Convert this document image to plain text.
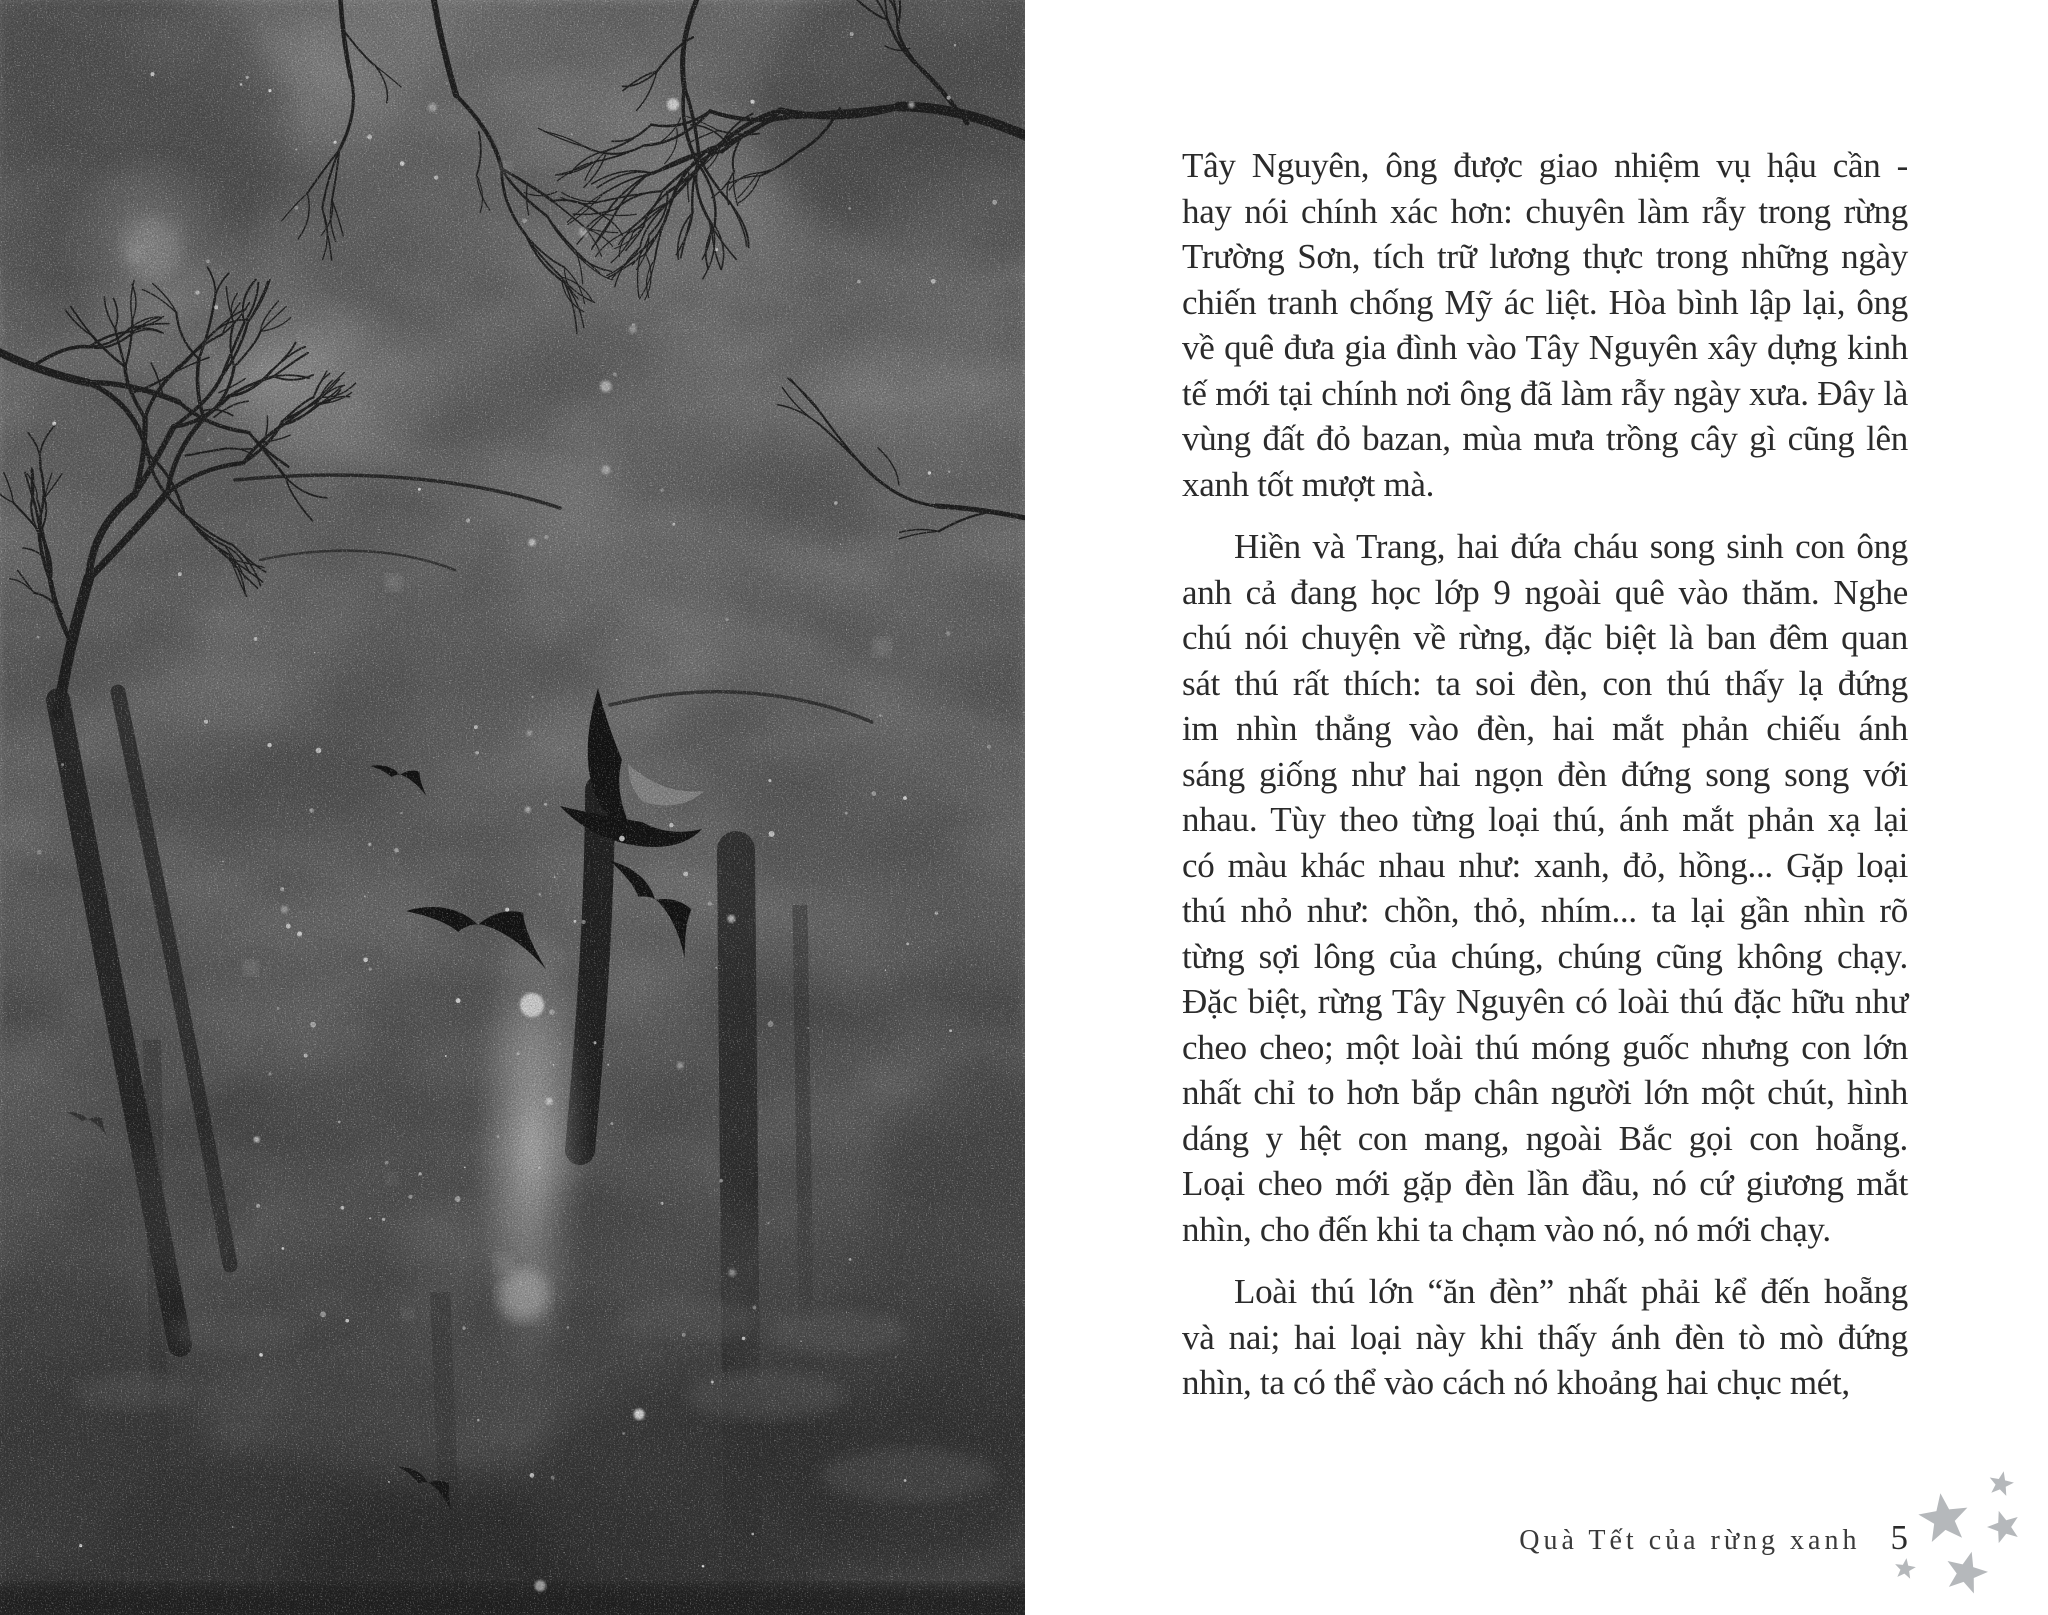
Tây Nguyên, ông được giao nhiệm vụ hậu cần -
hay nói chính xác hơn: chuyên làm rẫy trong rừng
Trường Sơn, tích trữ lương thực trong những ngày
chiến tranh chống Mỹ ác liệt. Hòa bình lập lại, ông
về quê đưa gia đình vào Tây Nguyên xây dựng kinh
tế mới tại chính nơi ông đã làm rẫy ngày xưa. Đây là
vùng đất đỏ bazan, mùa mưa trồng cây gì cũng lên
xanh tốt mượt mà.

Hiền và Trang, hai đứa cháu song sinh con ông
anh cả đang học lớp 9 ngoài quê vào thăm. Nghe
chú nói chuyện về rừng, đặc biệt là ban đêm quan
sát thú rất thích: ta soi đèn, con thú thấy lạ đứng
im nhìn thẳng vào đèn, hai mắt phản chiếu ánh
sáng giống như hai ngọn đèn đứng song song với
nhau. Tùy theo từng loại thú, ánh mắt phản xạ lại
có màu khác nhau như: xanh, đỏ, hồng... Gặp loại
thú nhỏ như: chồn, thỏ, nhím... ta lại gần nhìn rõ
từng sợi lông của chúng, chúng cũng không chạy.
Đặc biệt, rừng Tây Nguyên có loài thú đặc hữu như
cheo cheo; một loài thú móng guốc nhưng con lớn
nhất chỉ to hơn bắp chân người lớn một chút, hình
dáng y hệt con mang, ngoài Bắc gọi con hoẵng.
Loại cheo mới gặp đèn lần đầu, nó cứ giương mắt
nhìn, cho đến khi ta chạm vào nó, nó mới chạy.

Loài thú lớn “ăn đèn” nhất phải kể đến hoẵng
và nai; hai loại này khi thấy ánh đèn tò mò đứng
nhìn, ta có thể vào cách nó khoảng hai chục mét,

Quà Tết của rừng xanh 5
